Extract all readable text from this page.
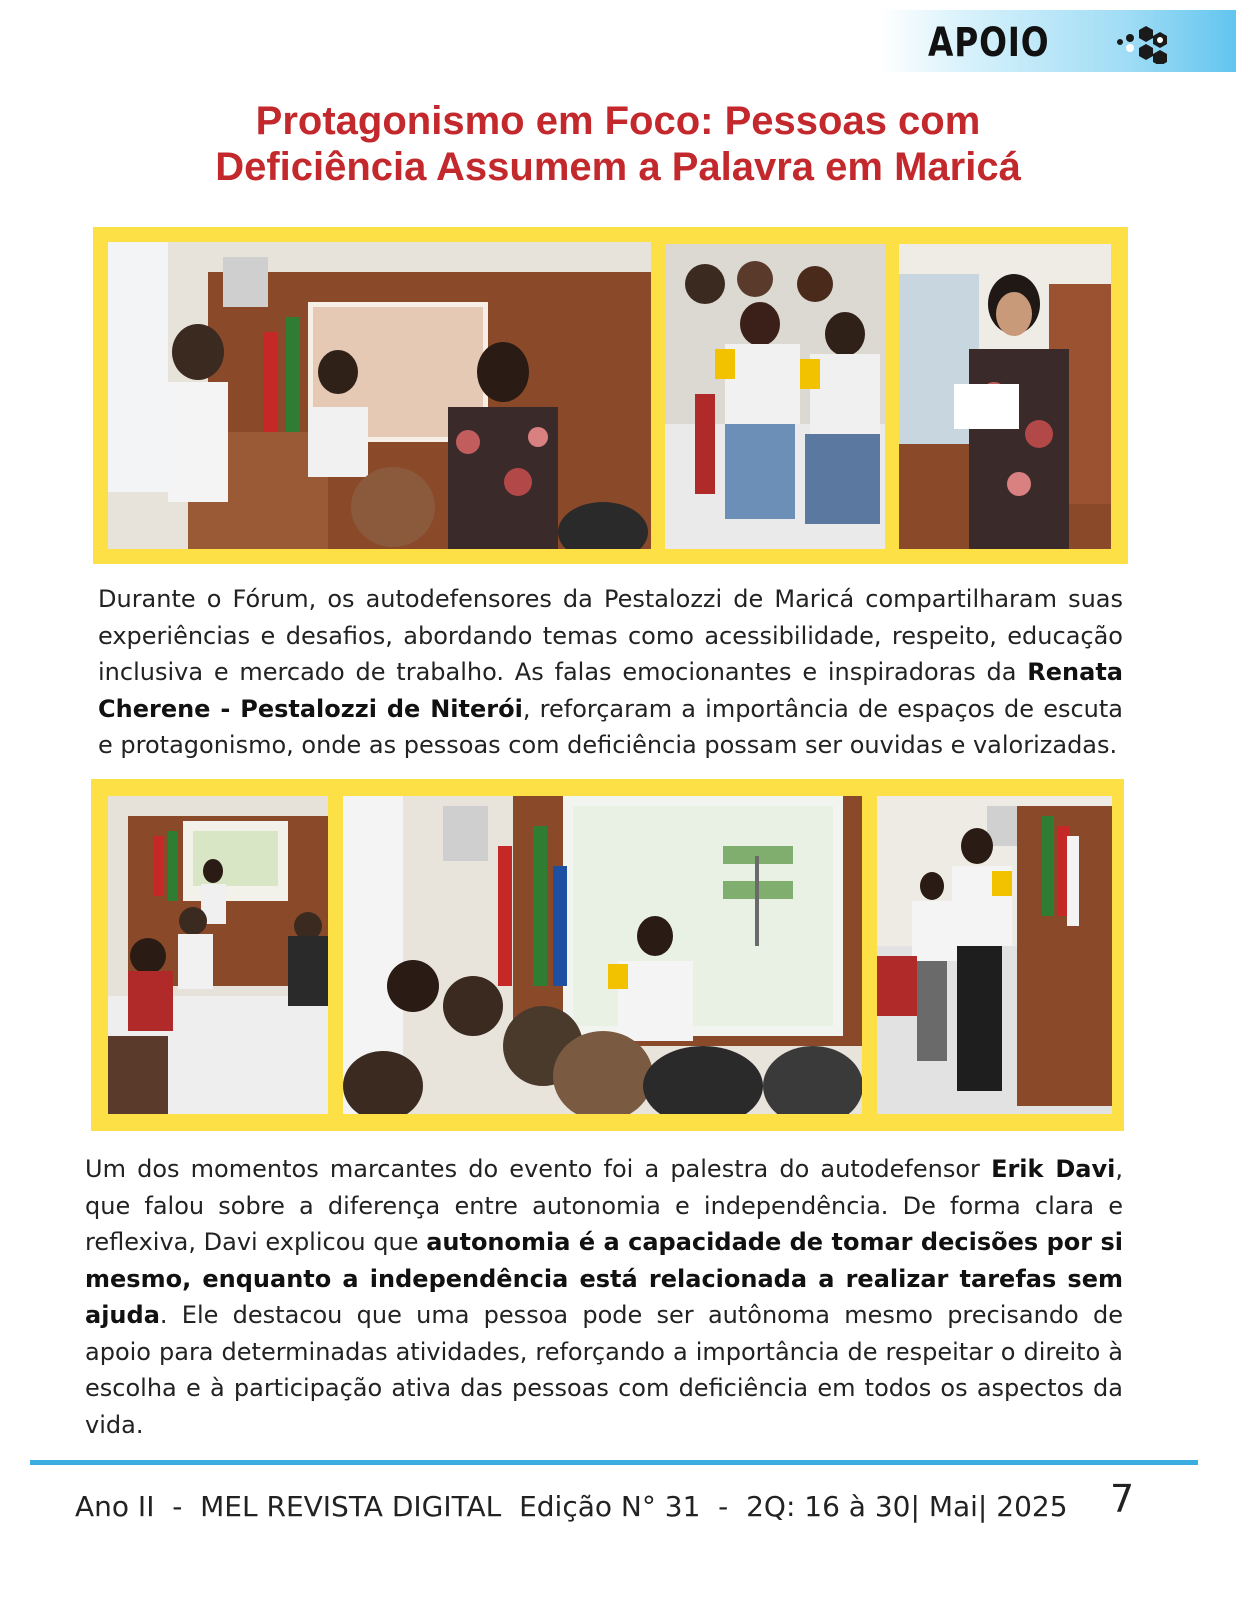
APOIO
Protagonismo em Foco: Pessoas com
Deficiência Assumem a Palavra em Maricá

Durante o Fórum, os autodefensores da Pestalozzi de Maricá compartilharam suas experiências e desafios, abordando temas como acessibilidade, respeito, educação inclusiva e mercado de trabalho. As falas emocionantes e inspiradoras da Renata Cherene - Pestalozzi de Niterói, reforçaram a importância de espaços de escuta e protagonismo, onde as pessoas com deficiência possam ser ouvidas e valorizadas.

Um dos momentos marcantes do evento foi a palestra do autodefensor Erik Davi, que falou sobre a diferença entre autonomia e independência. De forma clara e reflexiva, Davi explicou que autonomia é a capacidade de tomar decisões por si mesmo, enquanto a independência está relacionada a realizar tarefas sem ajuda. Ele destacou que uma pessoa pode ser autônoma mesmo precisando de apoio para determinadas atividades, reforçando a importância de respeitar o direito à escolha e à participação ativa das pessoas com deficiência em todos os aspectos da vida.

Ano II  -  MEL REVISTA DIGITAL  Edição N° 31  -  2Q: 16 à 30| Mai| 2025 7
